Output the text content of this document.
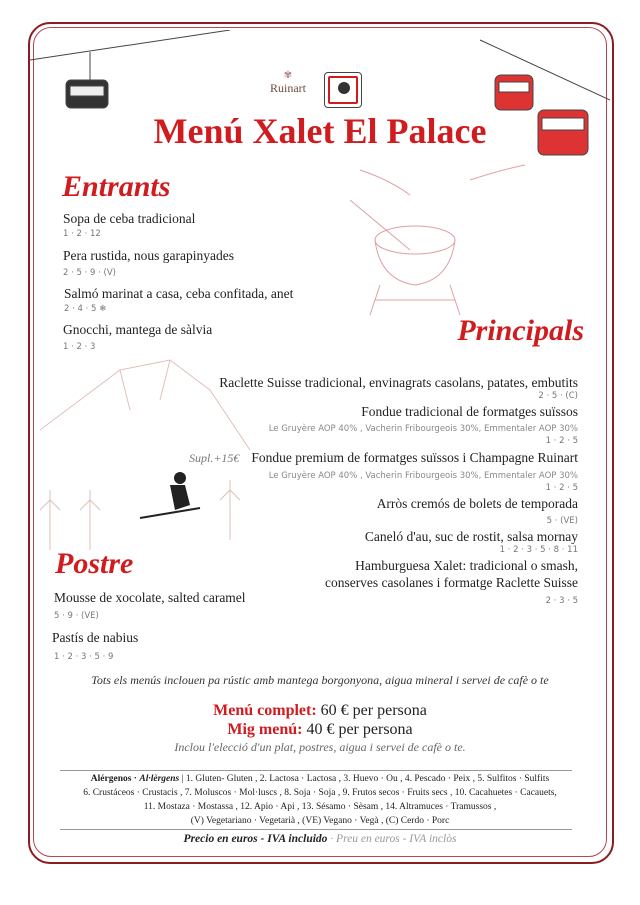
✾
Ruinart
Menú Xalet El Palace
Entrants
Sopa de ceba tradicional
1 · 2 · 12
Pera rustida, nous garapinyades
2 · 5 · 9 · (V)
Salmó marinat a casa, ceba confitada, anet
2 · 4 · 5 ❄
Gnocchi, mantega de sàlvia
1 · 2 · 3	Principals
Raclette Suisse tradicional, envinagrats casolans, patates, embutits
2 · 5 · (C)
Fondue tradicional de formatges suïssos
Le Gruyère AOP 40% , Vacherin Fribourgeois 30%, Emmentaler AOP 30%
1 · 2 · 5
Supl.+15€ Fondue premium de formatges suïssos i Champagne Ruinart
Le Gruyère AOP 40% , Vacherin Fribourgeois 30%, Emmentaler AOP 30%
1 · 2 · 5
Arròs cremós de bolets de temporada
5 · (VE)
Caneló d'au, suc de rostit, salsa mornay
1 · 2 · 3 · 5 · 8 · 11
Hamburguesa Xalet: tradicional o smash,
conserves casolanes i formatge Raclette Suisse
2 · 3 · 5
Postre
Mousse de xocolate, salted caramel
5 · 9 · (VE)
Pastís de nabius
1 · 2 · 3 · 5 · 9
Tots els menús inclouen pa rústic amb mantega borgonyona, aigua mineral i servei de cafè o te
Menú complet: 60 € per persona
Mig menú: 40 € per persona
Inclou l'elecció d'un plat, postres, aigua i servei de cafè o te.
Alérgenos · Al·lèrgens | 1. Gluten- Gluten , 2. Lactosa · Lactosa , 3. Huevo · Ou , 4. Pescado · Peix , 5. Sulfitos · Sulfits
6. Crustáceos · Crustacis , 7. Moluscos · Mol·luscs , 8. Soja · Soja , 9. Frutos secos · Fruits secs , 10. Cacahuetes · Cacauets,
11. Mostaza · Mostassa , 12. Apio · Api , 13. Sésamo · Sèsam , 14. Altramuces · Tramussos ,
(V) Vegetariano · Vegetarià , (VE) Vegano · Vegà , (C) Cerdo · Porc
Precio en euros - IVA incluido · Preu en euros - IVA inclòs
